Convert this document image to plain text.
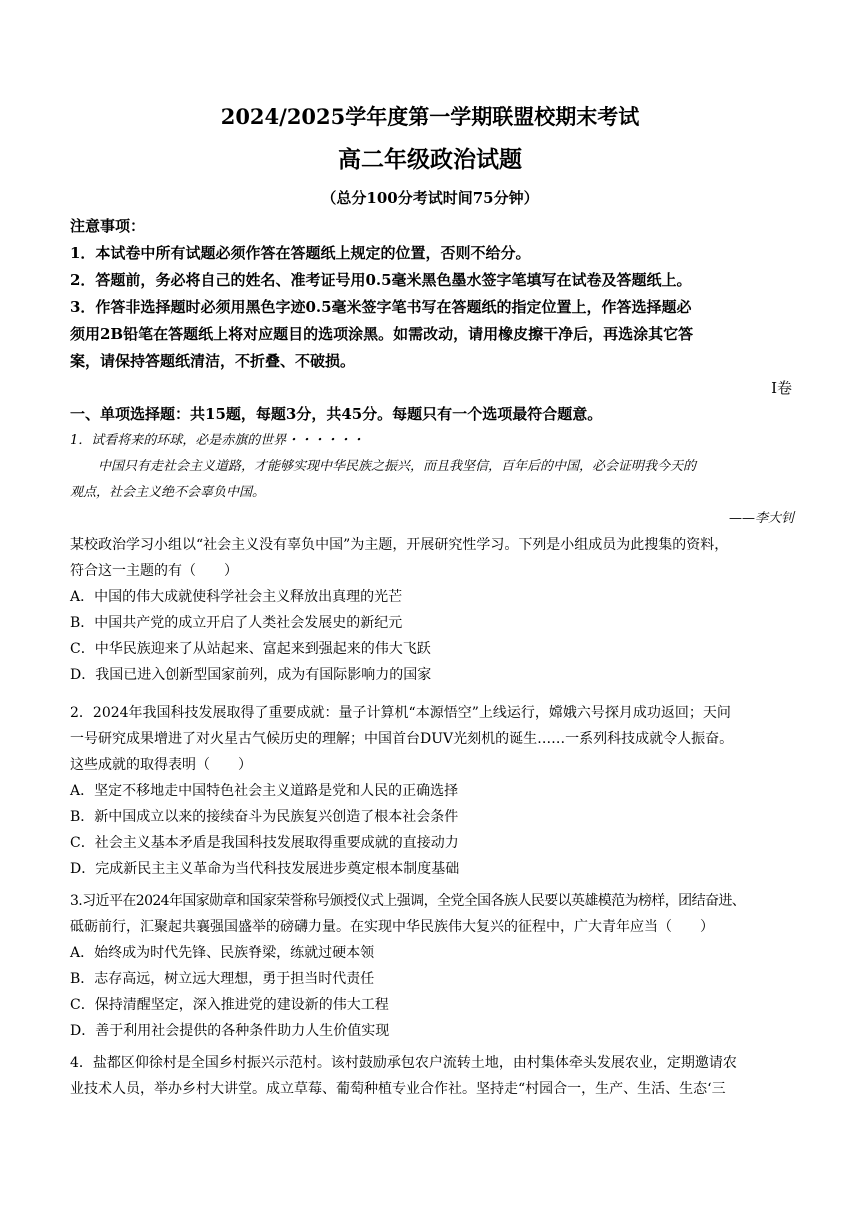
2024/2025学年度第一学期联盟校期末考试
高二年级政治试题
（总分100分考试时间75分钟）
注意事项：
1．本试卷中所有试题必须作答在答题纸上规定的位置，否则不给分。
2．答题前，务必将自己的姓名、准考证号用0.5毫米黑色墨水签字笔填写在试卷及答题纸上。
3．作答非选择题时必须用黑色字迹0.5毫米签字笔书写在答题纸的指定位置上，作答选择题必
须用2B铅笔在答题纸上将对应题目的选项涂黑。如需改动，请用橡皮擦干净后，再选涂其它答
案，请保持答题纸清洁，不折叠、不破损。
Ⅰ卷
一、单项选择题：共15题，每题3分，共45分。每题只有一个选项最符合题意。
1．试看将来的环球，必是赤旗的世界・・・・・・
中国只有走社会主义道路，才能够实现中华民族之振兴，而且我坚信，百年后的中国，必会证明我今天的
观点，社会主义绝不会辜负中国。
——李大钊
某校政治学习小组以“社会主义没有辜负中国”为主题，开展研究性学习。下列是小组成员为此搜集的资料，
符合这一主题的有（　　）
A．中国的伟大成就使科学社会主义释放出真理的光芒
B．中国共产党的成立开启了人类社会发展史的新纪元
C．中华民族迎来了从站起来、富起来到强起来的伟大飞跃
D．我国已进入创新型国家前列，成为有国际影响力的国家
2．2024年我国科技发展取得了重要成就：量子计算机“本源悟空”上线运行，嫦娥六号探月成功返回；天问
一号研究成果增进了对火星古气候历史的理解；中国首台DUV光刻机的诞生……一系列科技成就令人振奋。
这些成就的取得表明（　　）
A．坚定不移地走中国特色社会主义道路是党和人民的正确选择
B．新中国成立以来的接续奋斗为民族复兴创造了根本社会条件
C．社会主义基本矛盾是我国科技发展取得重要成就的直接动力
D．完成新民主主义革命为当代科技发展进步奠定根本制度基础
3.习近平在2024年国家勋章和国家荣誉称号颁授仪式上强调，全党全国各族人民要以英雄模范为榜样，团结奋进、
砥砺前行，汇聚起共襄强国盛举的磅礴力量。在实现中华民族伟大复兴的征程中，广大青年应当（　　）
A．始终成为时代先锋、民族脊梁，练就过硬本领
B．志存高远，树立远大理想，勇于担当时代责任
C．保持清醒坚定，深入推进党的建设新的伟大工程
D．善于利用社会提供的各种条件助力人生价值实现
4．盐都区仰徐村是全国乡村振兴示范村。该村鼓励承包农户流转土地，由村集体牵头发展农业，定期邀请农
业技术人员，举办乡村大讲堂。成立草莓、葡萄种植专业合作社。坚持走“村园合一，生产、生活、生态‘三
